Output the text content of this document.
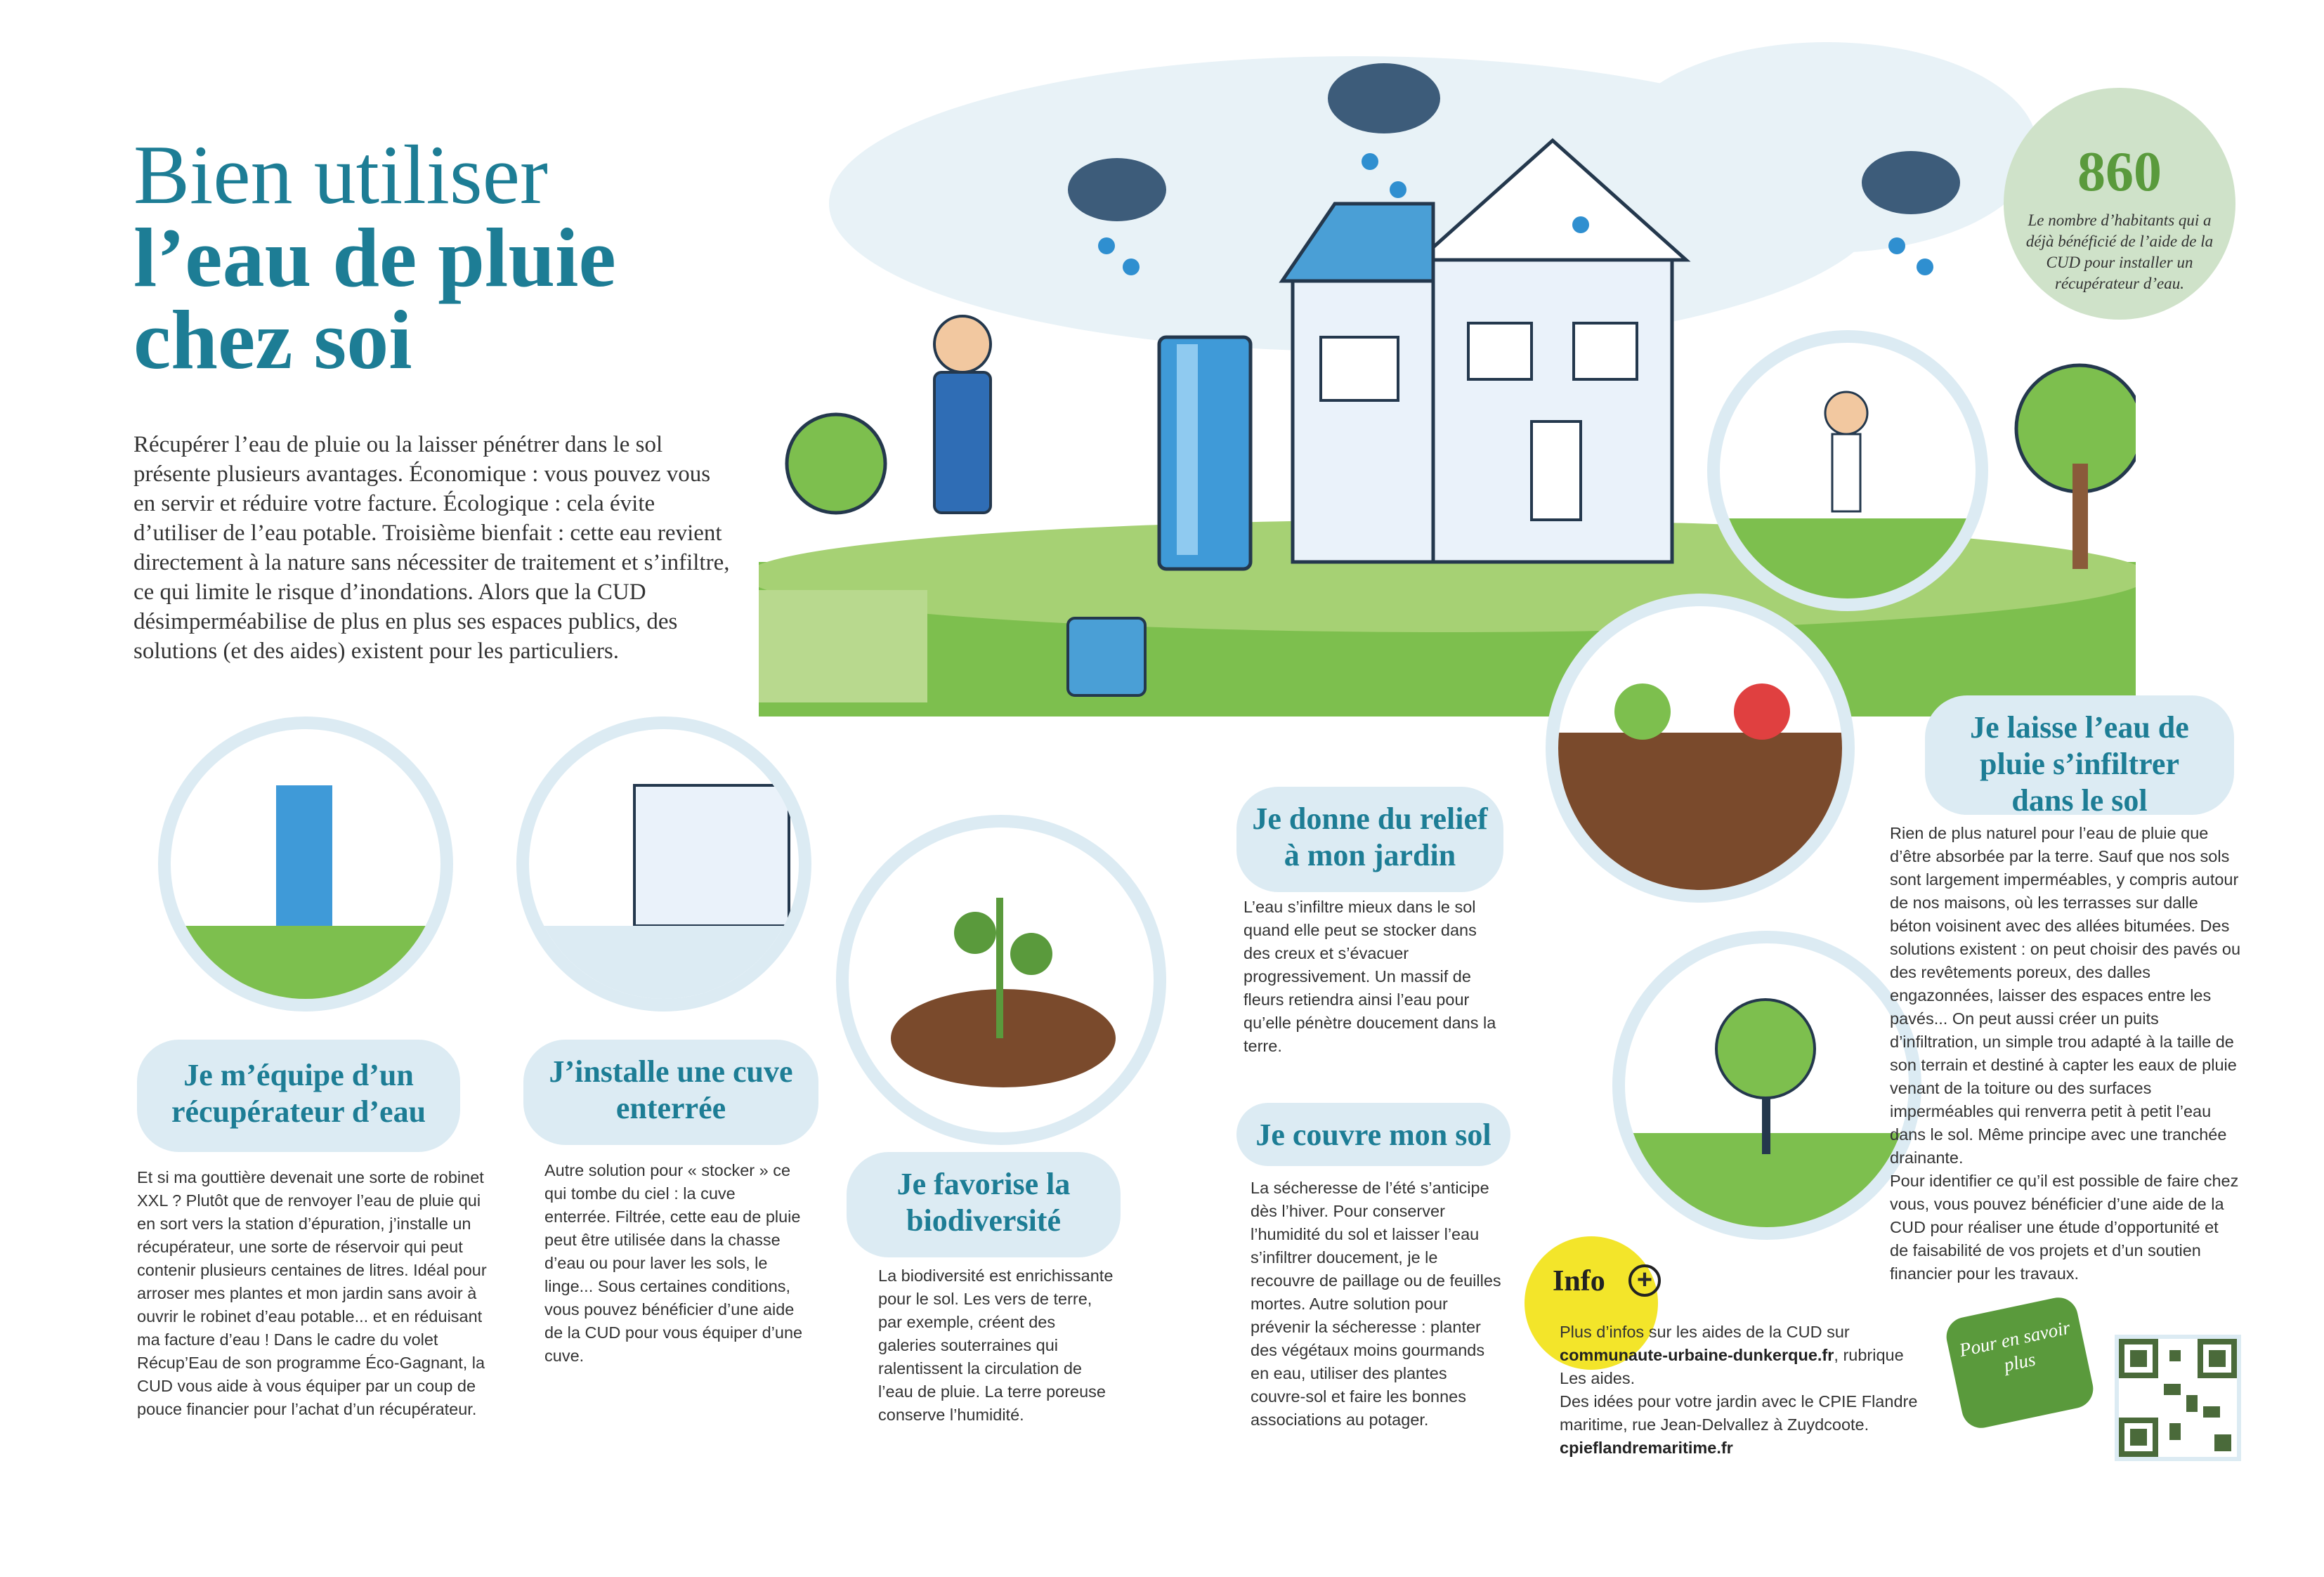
Bien utiliser
l’eau de pluie
chez soi

Récupérer l’eau de pluie ou la laisser pénétrer dans le sol présente plusieurs avantages. Économique : vous pouvez vous en servir et réduire votre facture. Écologique : cela évite d’utiliser de l’eau potable. Troisième bienfait : cette eau revient directement à la nature sans nécessiter de traitement et s’infiltre, ce qui limite le risque d’inondations. Alors que la CUD désimperméabilise de plus en plus ses espaces publics, des solutions (et des aides) existent pour les particuliers.

860
Le nombre d’habitants qui a déjà bénéficié de l’aide de la CUD pour installer un récupérateur d’eau.
Je m’équipe d’un récupérateur d’eau
Et si ma gouttière devenait une sorte de robinet XXL ? Plutôt que de renvoyer l’eau de pluie qui en sort vers la station d’épuration, j’installe un récupérateur, une sorte de réservoir qui peut contenir plusieurs centaines de litres. Idéal pour arroser mes plantes et mon jardin sans avoir à ouvrir le robinet d’eau potable... et en réduisant ma facture d’eau ! Dans le cadre du volet Récup’Eau de son programme Éco-Gagnant, la CUD vous aide à vous équiper par un coup de pouce financier pour l’achat d’un récupérateur.
J’installe une cuve enterrée
Autre solution pour « stocker » ce qui tombe du ciel : la cuve enterrée. Filtrée, cette eau de pluie peut être utilisée dans la chasse d’eau ou pour laver les sols, le linge... Sous certaines conditions, vous pouvez bénéficier d’une aide de la CUD pour vous équiper d’une cuve.
Je favorise la biodiversité
La biodiversité est enrichissante pour le sol. Les vers de terre, par exemple, créent des galeries souterraines qui ralentissent la circulation de l’eau de pluie. La terre poreuse conserve l’humidité.
Je donne du relief à mon jardin
L’eau s’infiltre mieux dans le sol quand elle peut se stocker dans des creux et s’évacuer progressivement. Un massif de fleurs retiendra ainsi l’eau pour qu’elle pénètre doucement dans la terre.
Je couvre mon sol
La sécheresse de l’été s’anticipe dès l’hiver. Pour conserver l’humidité du sol et laisser l’eau s’infiltrer doucement, je le recouvre de paillage ou de feuilles mortes. Autre solution pour prévenir la sécheresse : planter des végétaux moins gourmands en eau, utiliser des plantes couvre-sol et faire les bonnes associations au potager.
Je laisse l’eau de pluie s’infiltrer dans le sol
Rien de plus naturel pour l’eau de pluie que d’être absorbée par la terre. Sauf que nos sols sont largement imperméables, y compris autour de nos maisons, où les terrasses sur dalle béton voisinent avec des allées bitumées. Des solutions existent : on peut choisir des pavés ou des revêtements poreux, des dalles engazonnées, laisser des espaces entre les pavés... On peut aussi créer un puits d’infiltration, un simple trou adapté à la taille de son terrain et destiné à capter les eaux de pluie venant de la toiture ou des surfaces imperméables qui renverra petit à petit l’eau dans le sol. Même principe avec une tranchée drainante.
Pour identifier ce qu’il est possible de faire chez vous, vous pouvez bénéficier d’une aide de la CUD pour réaliser une étude d’opportunité et de faisabilité de vos projets et d’un soutien financier pour les travaux.
Info	+
Plus d’infos sur les aides de la CUD sur
communaute-urbaine-dunkerque.fr, rubrique Les aides.
Des idées pour votre jardin avec le CPIE Flandre maritime, rue Jean-Delvallez à Zuydcoote.
cpieflandremaritime.fr
Pour en savoir plus
